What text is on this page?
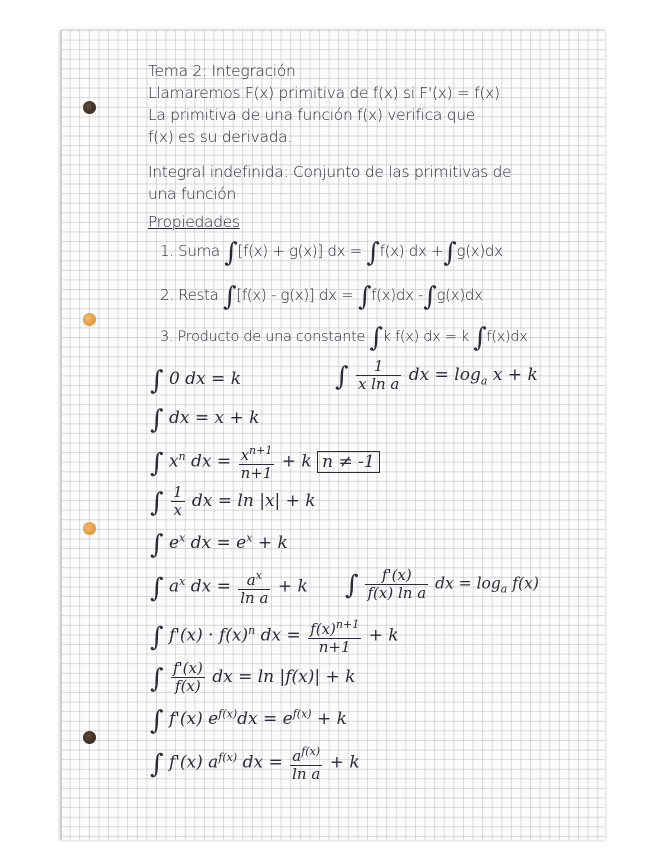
Tema 2: Integración
Llamaremos F(x) primitiva de f(x) si F'(x) = f(x)
La primitiva de una función f(x) verifica que
f(x) es su derivada.
Integral indefinida: Conjunto de las primitivas de
una función
Propiedades
1. Suma ∫[f(x) + g(x)] dx = ∫f(x) dx +∫g(x)dx
2. Resta ∫[f(x) - g(x)] dx = ∫f(x)dx -∫g(x)dx
3. Producto de una constante ∫k f(x) dx = k ∫f(x)dx
∫ 0 dx = k	∫ $\frac{1}{\text{x ln a}}$ dx = $\log_a x + k$
∫ dx = x + k
∫ $x^n$ dx = $\frac{x^{n+1}}{n+1} + k$ n ≠ -1
∫ $\frac{1}{x}$ dx = ln |x| + k
∫ $e^x$ dx = $e^x + k$
∫ $a^x$ dx = $\frac{a^x}{\text{ln a}} + k$ ∫ $\frac{f'(x)}{\text{f(x) ln a}}$ dx = $\log_a f(x)$
∫ $f'(x) \cdot f(x)^n$ dx = $\frac{f(x)^{n+1}}{n+1} + k$
∫ $\frac{f'(x)}{f(x)}$ dx = ln |f(x)| + k
∫ f'(x) $e^{f(x)}dx = e^{f(x)} + k$
∫ f'(x) $a^{f(x)}$ dx = $\frac{a^{f(x)}}{\text{ln a}} + k$
